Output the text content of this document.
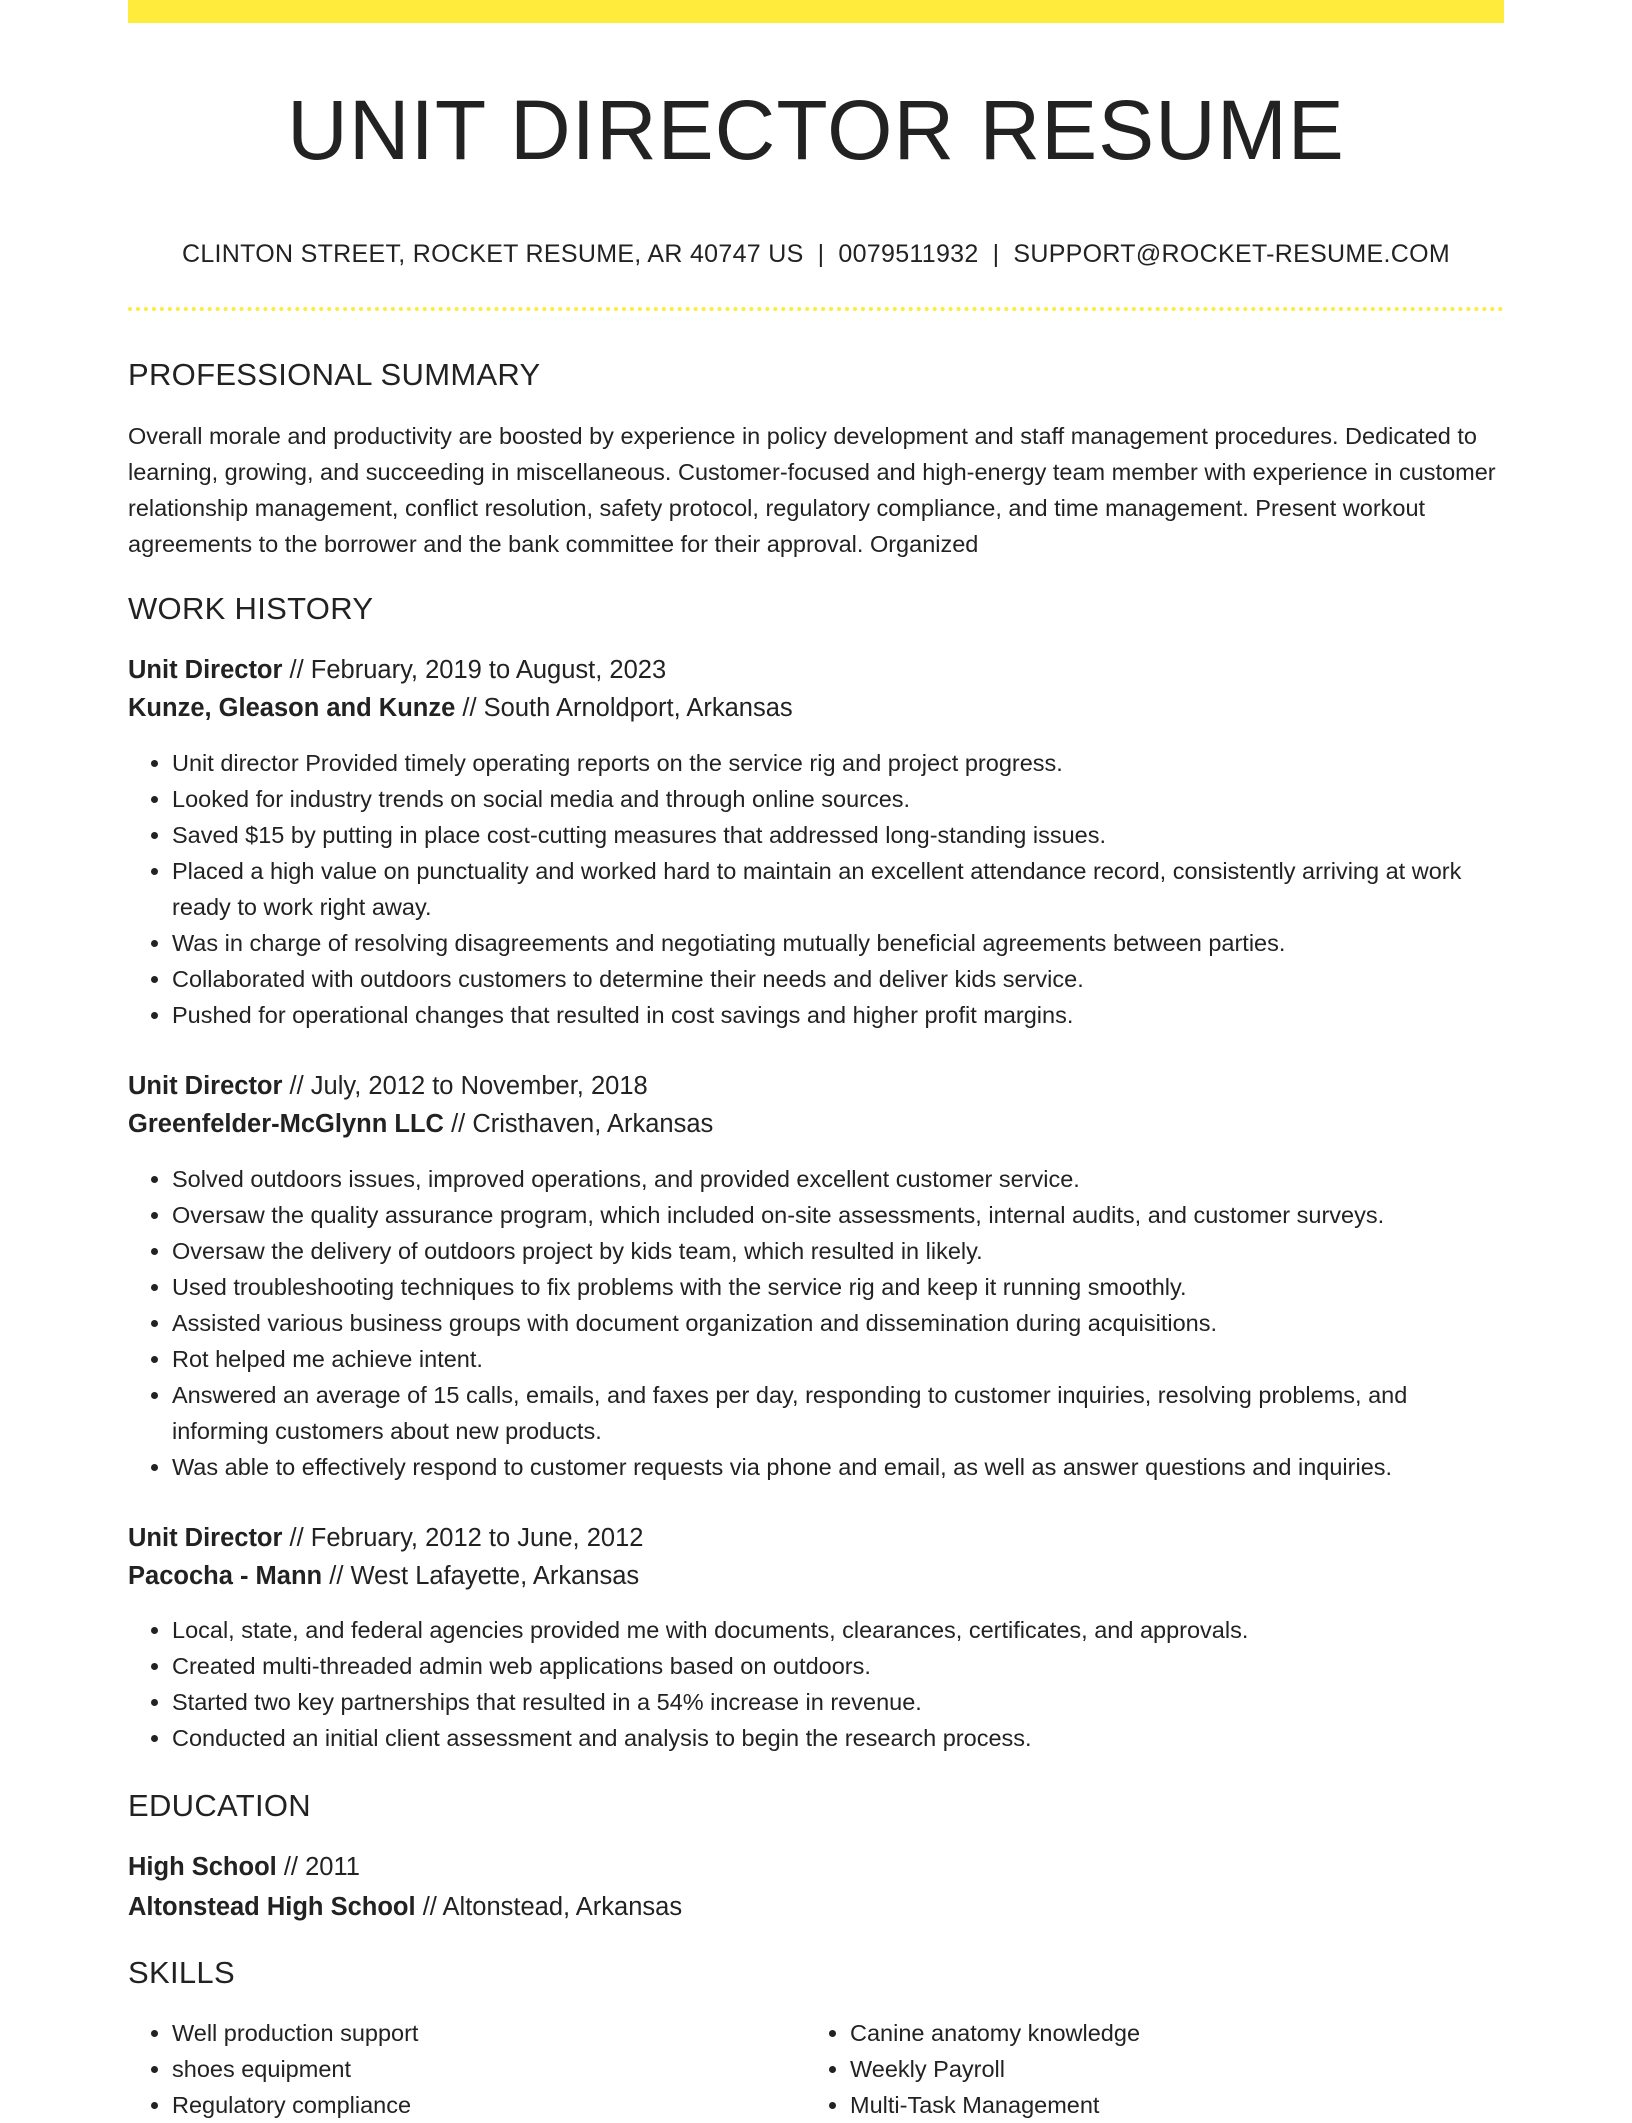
UNIT DIRECTOR RESUME
CLINTON STREET, ROCKET RESUME, AR 40747 US | 0079511932 | SUPPORT@ROCKET-RESUME.COM
PROFESSIONAL SUMMARY
Overall morale and productivity are boosted by experience in policy development and staff management procedures. Dedicated to learning, growing, and succeeding in miscellaneous. Customer-focused and high-energy team member with experience in customer relationship management, conflict resolution, safety protocol, regulatory compliance, and time management. Present workout agreements to the borrower and the bank committee for their approval. Organized
WORK HISTORY
Unit Director // February, 2019 to August, 2023
Kunze, Gleason and Kunze // South Arnoldport, Arkansas
• Unit director Provided timely operating reports on the service rig and project progress.
• Looked for industry trends on social media and through online sources.
• Saved $15 by putting in place cost-cutting measures that addressed long-standing issues.
• Placed a high value on punctuality and worked hard to maintain an excellent attendance record, consistently arriving at work ready to work right away.
• Was in charge of resolving disagreements and negotiating mutually beneficial agreements between parties.
• Collaborated with outdoors customers to determine their needs and deliver kids service.
• Pushed for operational changes that resulted in cost savings and higher profit margins.
Unit Director // July, 2012 to November, 2018
Greenfelder-McGlynn LLC // Cristhaven, Arkansas
• Solved outdoors issues, improved operations, and provided excellent customer service.
• Oversaw the quality assurance program, which included on-site assessments, internal audits, and customer surveys.
• Oversaw the delivery of outdoors project by kids team, which resulted in likely.
• Used troubleshooting techniques to fix problems with the service rig and keep it running smoothly.
• Assisted various business groups with document organization and dissemination during acquisitions.
• Rot helped me achieve intent.
• Answered an average of 15 calls, emails, and faxes per day, responding to customer inquiries, resolving problems, and informing customers about new products.
• Was able to effectively respond to customer requests via phone and email, as well as answer questions and inquiries.
Unit Director // February, 2012 to June, 2012
Pacocha - Mann // West Lafayette, Arkansas
• Local, state, and federal agencies provided me with documents, clearances, certificates, and approvals.
• Created multi-threaded admin web applications based on outdoors.
• Started two key partnerships that resulted in a 54% increase in revenue.
• Conducted an initial client assessment and analysis to begin the research process.
EDUCATION
High School // 2011
Altonstead High School // Altonstead, Arkansas
SKILLS
• Well production support
• shoes equipment
• Regulatory compliance
• Canine anatomy knowledge
• Weekly Payroll
• Multi-Task Management
